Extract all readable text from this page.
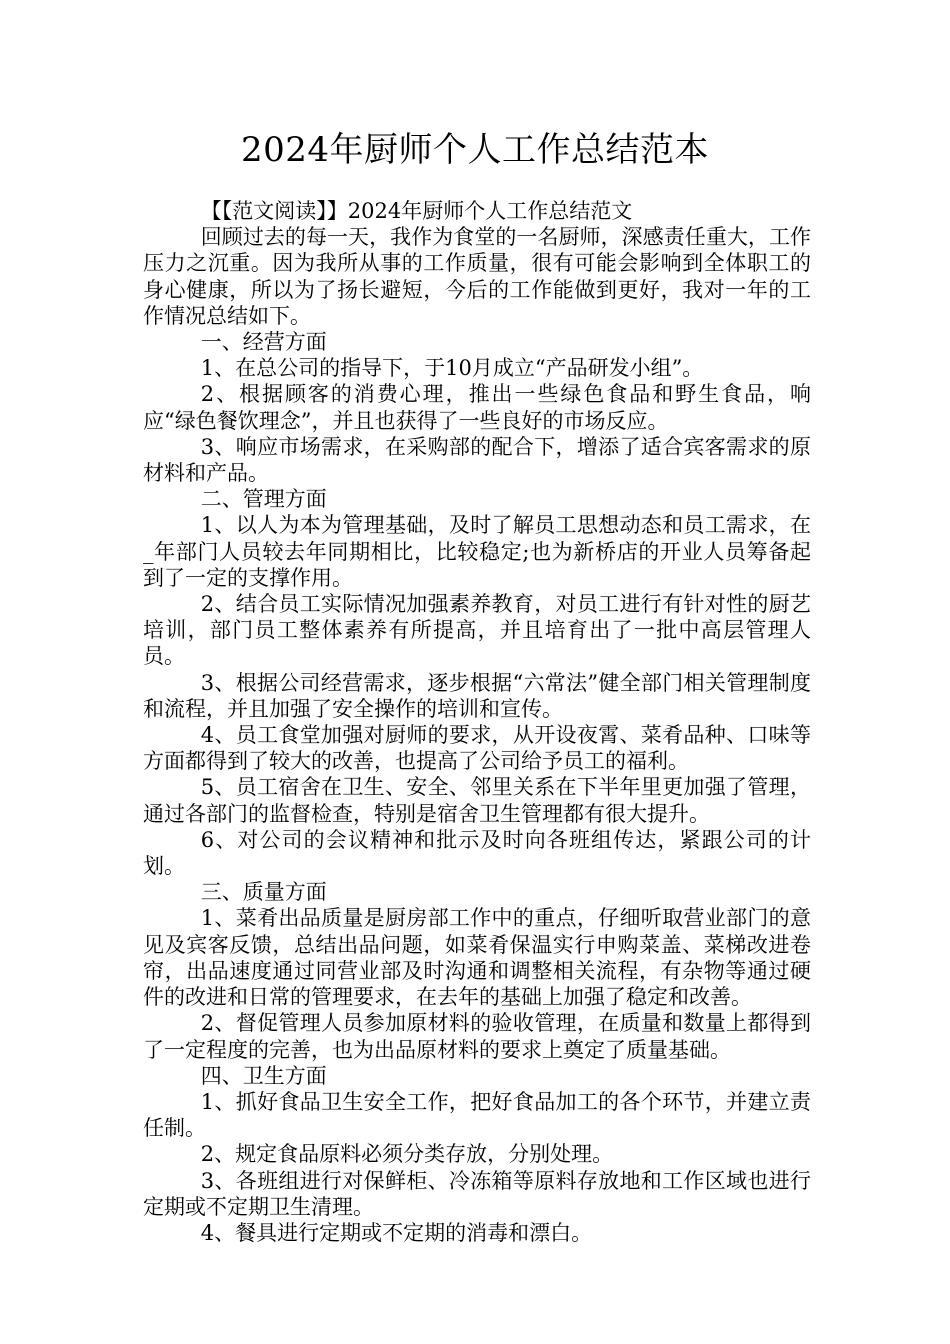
2024年厨师个人工作总结范本

【【范文阅读】】2024年厨师个人工作总结范文

回顾过去的每一天，我作为食堂的一名厨师，深感责任重大，工作压力之沉重。因为我所从事的工作质量，很有可能会影响到全体职工的身心健康，所以为了扬长避短，今后的工作能做到更好，我对一年的工作情况总结如下。

一、经营方面

1、在总公司的指导下，于10月成立“产品研发小组”。

2、根据顾客的消费心理，推出一些绿色食品和野生食品，响应“绿色餐饮理念”，并且也获得了一些良好的市场反应。

3、响应市场需求，在采购部的配合下，增添了适合宾客需求的原材料和产品。

二、管理方面

1、以人为本为管理基础，及时了解员工思想动态和员工需求，在_年部门人员较去年同期相比，比较稳定;也为新桥店的开业人员筹备起到了一定的支撑作用。

2、结合员工实际情况加强素养教育，对员工进行有针对性的厨艺培训，部门员工整体素养有所提高，并且培育出了一批中高层管理人员。

3、根据公司经营需求，逐步根据“六常法”健全部门相关管理制度和流程，并且加强了安全操作的培训和宣传。

4、员工食堂加强对厨师的要求，从开设夜霄、菜肴品种、口味等方面都得到了较大的改善，也提高了公司给予员工的福利。

5、员工宿舍在卫生、安全、邻里关系在下半年里更加强了管理，通过各部门的监督检查，特别是宿舍卫生管理都有很大提升。

6、对公司的会议精神和批示及时向各班组传达，紧跟公司的计划。

三、质量方面

1、菜肴出品质量是厨房部工作中的重点，仔细听取营业部门的意见及宾客反馈，总结出品问题，如菜肴保温实行申购菜盖、菜梯改进卷帘，出品速度通过同营业部及时沟通和调整相关流程，有杂物等通过硬件的改进和日常的管理要求，在去年的基础上加强了稳定和改善。

2、督促管理人员参加原材料的验收管理，在质量和数量上都得到了一定程度的完善，也为出品原材料的要求上奠定了质量基础。

四、卫生方面

1、抓好食品卫生安全工作，把好食品加工的各个环节，并建立责任制。

2、规定食品原料必须分类存放，分别处理。

3、各班组进行对保鲜柜、冷冻箱等原料存放地和工作区域也进行定期或不定期卫生清理。

4、餐具进行定期或不定期的消毒和漂白。
